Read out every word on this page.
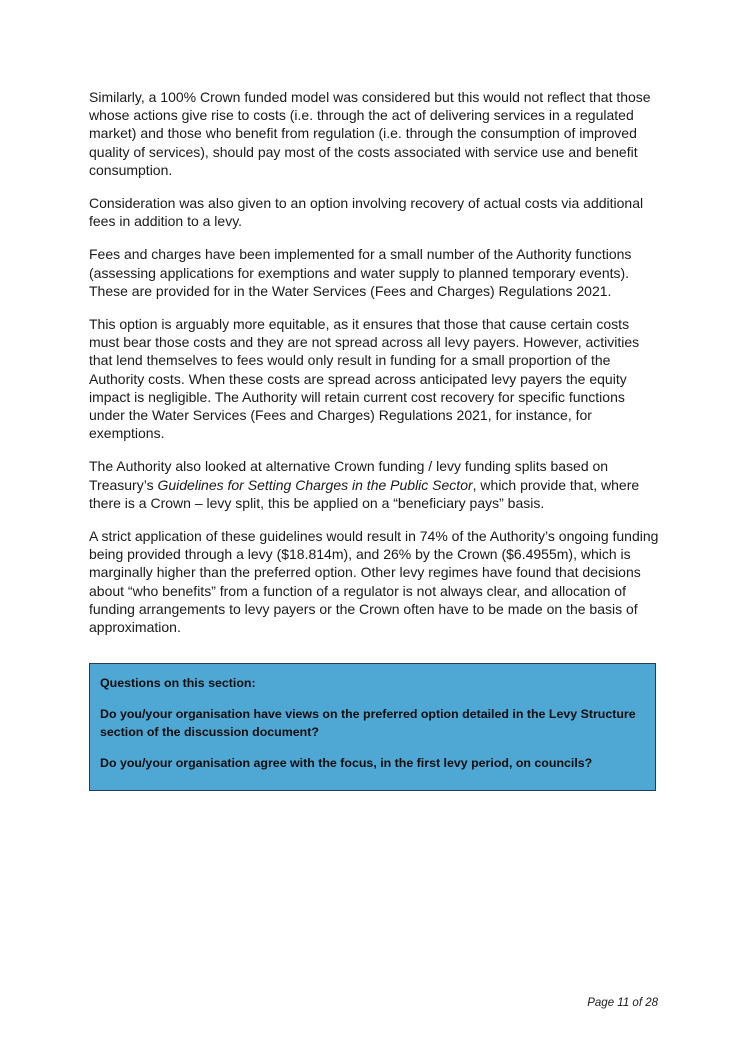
Similarly, a 100% Crown funded model was considered but this would not reflect that those whose actions give rise to costs (i.e. through the act of delivering services in a regulated market) and those who benefit from regulation (i.e. through the consumption of improved quality of services), should pay most of the costs associated with service use and benefit consumption.

Consideration was also given to an option involving recovery of actual costs via additional fees in addition to a levy.

Fees and charges have been implemented for a small number of the Authority functions (assessing applications for exemptions and water supply to planned temporary events). These are provided for in the Water Services (Fees and Charges) Regulations 2021.

This option is arguably more equitable, as it ensures that those that cause certain costs must bear those costs and they are not spread across all levy payers. However, activities that lend themselves to fees would only result in funding for a small proportion of the Authority costs. When these costs are spread across anticipated levy payers the equity impact is negligible. The Authority will retain current cost recovery for specific functions under the Water Services (Fees and Charges) Regulations 2021, for instance, for exemptions.

The Authority also looked at alternative Crown funding / levy funding splits based on Treasury’s Guidelines for Setting Charges in the Public Sector, which provide that, where there is a Crown – levy split, this be applied on a “beneficiary pays” basis.

A strict application of these guidelines would result in 74% of the Authority’s ongoing funding being provided through a levy ($18.814m), and 26% by the Crown ($6.4955m), which is marginally higher than the preferred option. Other levy regimes have found that decisions about “who benefits” from a function of a regulator is not always clear, and allocation of funding arrangements to levy payers or the Crown often have to be made on the basis of approximation.

Questions on this section:

Do you/your organisation have views on the preferred option detailed in the Levy Structure section of the discussion document?

Do you/your organisation agree with the focus, in the first levy period, on councils?

Page 11 of 28
